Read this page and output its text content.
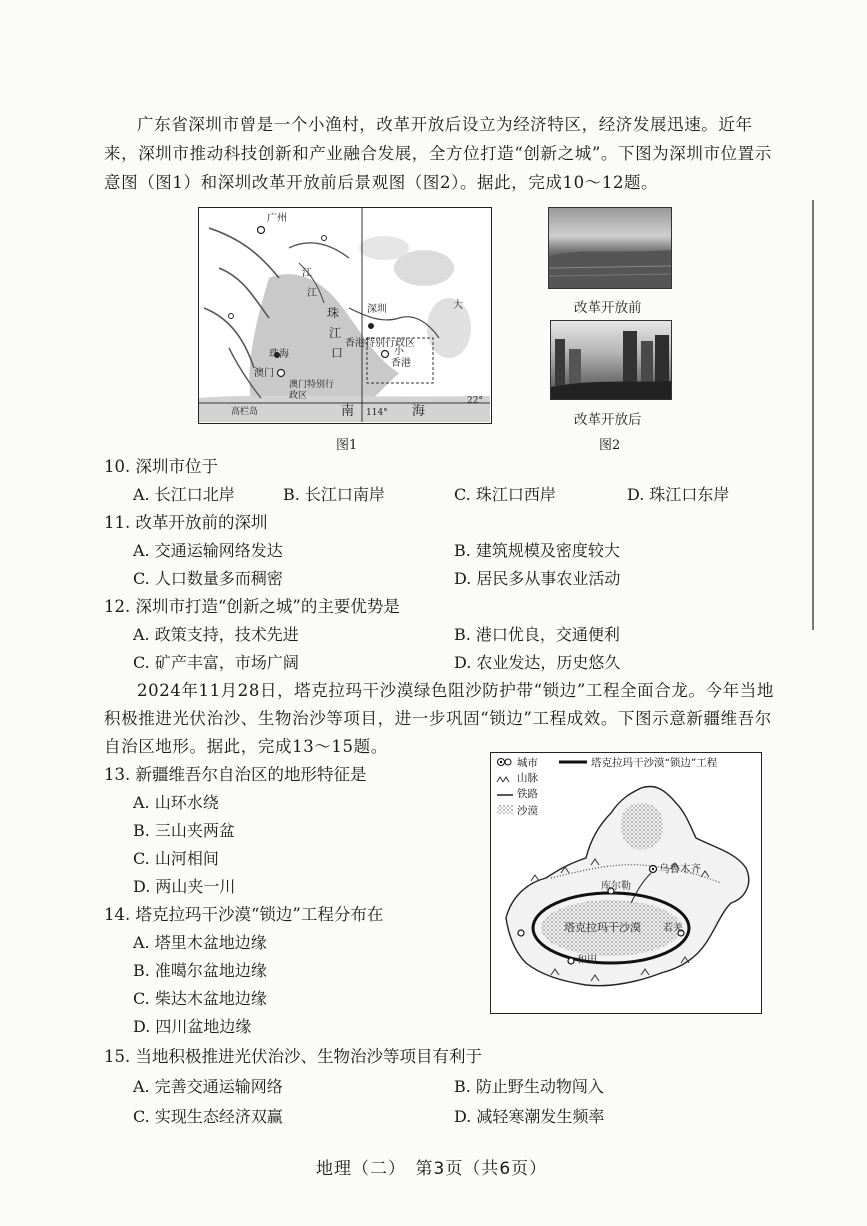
广东省深圳市曾是一个小渔村，改革开放后设立为经济特区，经济发展迅速。近年来，深圳市推动科技创新和产业融合发展，全方位打造“创新之城”。下图为深圳市位置示意图（图1）和深圳改革开放前后景观图（图2）。据此，完成10～12题。
广州
江
江
珠
江
口
深圳
香港特别行政区
香港
小
大
珠海
澳门
澳门特别行政区
高栏岛	南 114° 海
22°
图1
改革开放前
改革开放后
图2
10. 深圳市位于
A. 长江口北岸	B. 长江口南岸	C. 珠江口西岸	D. 珠江口东岸
11. 改革开放前的深圳
A. 交通运输网络发达	B. 建筑规模及密度较大
C. 人口数量多而稠密	D. 居民多从事农业活动
12. 深圳市打造“创新之城”的主要优势是
A. 政策支持，技术先进	B. 港口优良，交通便利
C. 矿产丰富，市场广阔	D. 农业发达，历史悠久
2024年11月28日，塔克拉玛干沙漠绿色阻沙防护带“锁边”工程全面合龙。今年当地积极推进光伏治沙、生物治沙等项目，进一步巩固“锁边”工程成效。下图示意新疆维吾尔自治区地形。据此，完成13～15题。
13. 新疆维吾尔自治区的地形特征是
A. 山环水绕
B. 三山夹两盆
C. 山河相间
D. 两山夹一川
14. 塔克拉玛干沙漠“锁边”工程分布在
A. 塔里木盆地边缘
B. 准噶尔盆地边缘
C. 柴达木盆地边缘
D. 四川盆地边缘
城市
山脉
铁路
沙漠
塔克拉玛干沙漠“锁边”工程
乌鲁木齐
库尔勒
塔克拉玛干沙漠 若羌
和田
15. 当地积极推进光伏治沙、生物治沙等项目有利于
A. 完善交通运输网络	B. 防止野生动物闯入
C. 实现生态经济双赢	D. 减轻寒潮发生频率
地理（二）　第3页（共6页）
